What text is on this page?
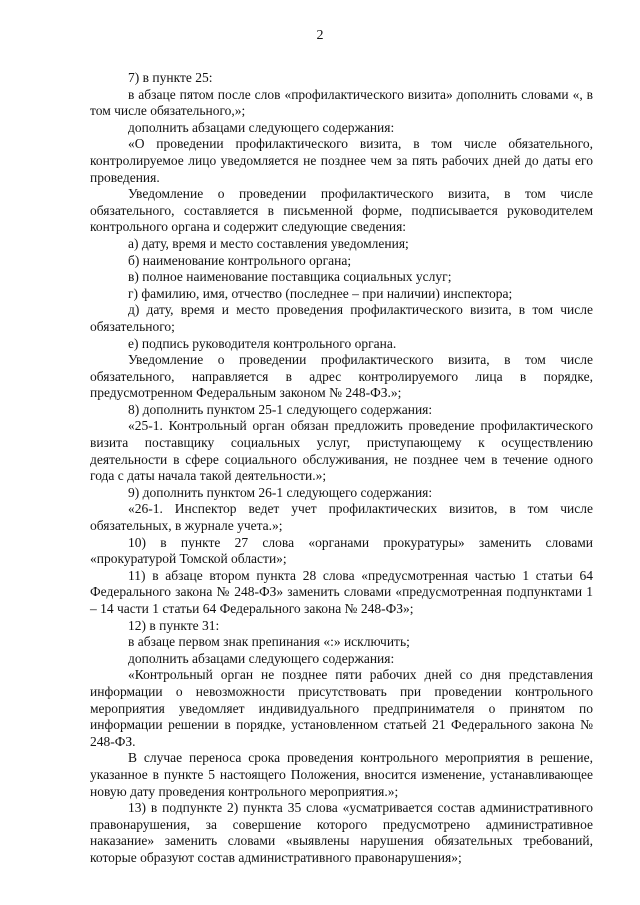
2

7) в пункте 25:

в абзаце пятом после слов «профилактического визита» дополнить словами «, в том числе обязательного,»;

дополнить абзацами следующего содержания:

«О проведении профилактического визита, в том числе обязательного, контролируемое лицо уведомляется не позднее чем за пять рабочих дней до даты его проведения.

Уведомление о проведении профилактического визита, в том числе обязательного, составляется в письменной форме, подписывается руководителем контрольного органа и содержит следующие сведения:

а) дату, время и место составления уведомления;

б) наименование контрольного органа;

в) полное наименование поставщика социальных услуг;

г) фамилию, имя, отчество (последнее – при наличии) инспектора;

д) дату, время и место проведения профилактического визита, в том числе обязательного;

е) подпись руководителя контрольного органа.

Уведомление о проведении профилактического визита, в том числе обязательного, направляется в адрес контролируемого лица в порядке, предусмотренном Федеральным законом № 248-ФЗ.»;

8) дополнить пунктом 25-1 следующего содержания:

«25-1. Контрольный орган обязан предложить проведение профилактического визита поставщику социальных услуг, приступающему к осуществлению деятельности в сфере социального обслуживания, не позднее чем в течение одного года с даты начала такой деятельности.»;

9) дополнить пунктом 26-1 следующего содержания:

«26-1. Инспектор ведет учет профилактических визитов, в том числе обязательных, в журнале учета.»;

10) в пункте 27 слова «органами прокуратуры» заменить словами «прокуратурой Томской области»;

11) в абзаце втором пункта 28 слова «предусмотренная частью 1 статьи 64 Федерального закона № 248-ФЗ» заменить словами «предусмотренная подпунктами 1 – 14 части 1 статьи 64 Федерального закона № 248-ФЗ»;

12) в пункте 31:

в абзаце первом знак препинания «:» исключить;

дополнить абзацами следующего содержания:

«Контрольный орган не позднее пяти рабочих дней со дня представления информации о невозможности присутствовать при проведении контрольного мероприятия уведомляет индивидуального предпринимателя о принятом по информации решении в порядке, установленном статьей 21 Федерального закона № 248-ФЗ.

В случае переноса срока проведения контрольного мероприятия в решение, указанное в пункте 5 настоящего Положения, вносится изменение, устанавливающее новую дату проведения контрольного мероприятия.»;

13) в подпункте 2) пункта 35 слова «усматривается состав административного правонарушения, за совершение которого предусмотрено административное наказание» заменить словами «выявлены нарушения обязательных требований, которые образуют состав административного правонарушения»;
